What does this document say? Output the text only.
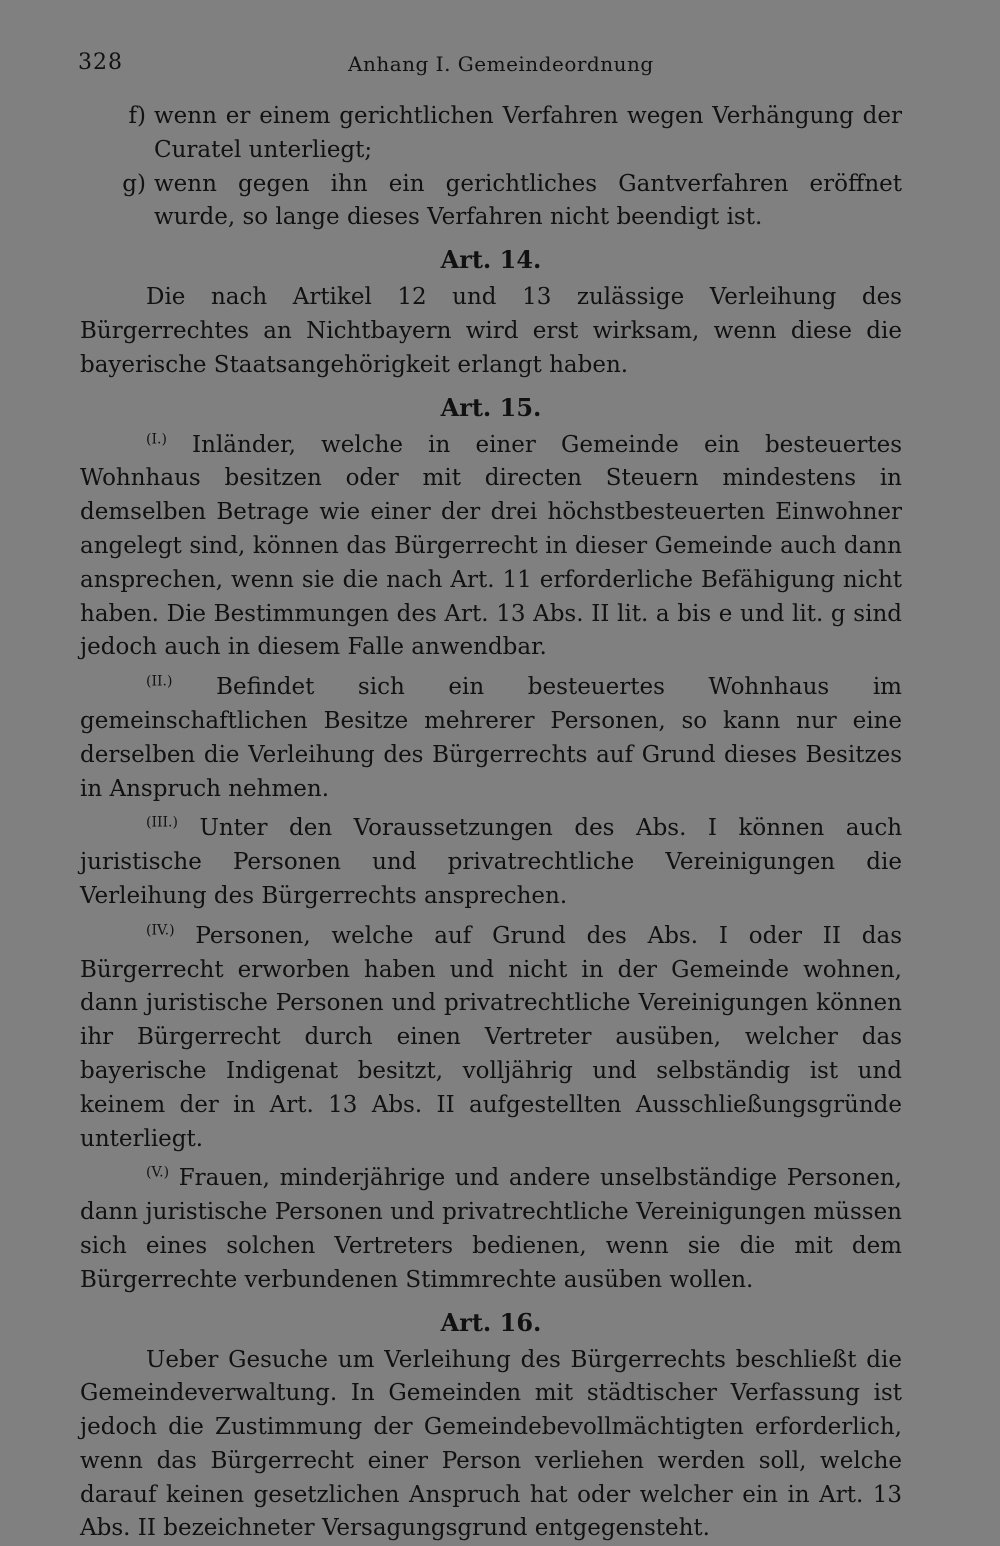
328	Anhang I. Gemeindeordnung
f) wenn er einem gerichtlichen Verfahren wegen Verhängung der Curatel unterliegt;
g) wenn gegen ihn ein gerichtliches Gantverfahren eröffnet wurde, so lange dieses Verfahren nicht beendigt ist.
Art. 14.

Die nach Artikel 12 und 13 zulässige Verleihung des Bürgerrechtes an Nichtbayern wird erst wirksam, wenn diese die bayerische Staatsangehörigkeit erlangt haben.

Art. 15.

$^{(I.)}$ Inländer, welche in einer Gemeinde ein besteuertes Wohnhaus besitzen oder mit directen Steuern mindestens in demselben Betrage wie einer der drei höchstbesteuerten Einwohner angelegt sind, können das Bürgerrecht in dieser Gemeinde auch dann ansprechen, wenn sie die nach Art. 11 erforderliche Befähigung nicht haben. Die Bestimmungen des Art. 13 Abs. II lit. a bis e und lit. g sind jedoch auch in diesem Falle anwendbar.

$^{(II.)}$ Befindet sich ein besteuertes Wohnhaus im gemeinschaftlichen Besitze mehrerer Personen, so kann nur eine derselben die Verleihung des Bürgerrechts auf Grund dieses Besitzes in Anspruch nehmen.

$^{(III.)}$ Unter den Voraussetzungen des Abs. I können auch juristische Personen und privatrechtliche Vereinigungen die Verleihung des Bürgerrechts ansprechen.

$^{(IV.)}$ Personen, welche auf Grund des Abs. I oder II das Bürgerrecht erworben haben und nicht in der Gemeinde wohnen, dann juristische Personen und privatrechtliche Vereinigungen können ihr Bürgerrecht durch einen Vertreter ausüben, welcher das bayerische Indigenat besitzt, volljährig und selbständig ist und keinem der in Art. 13 Abs. II aufgestellten Ausschließungsgründe unterliegt.

$^{(V.)}$ Frauen, minderjährige und andere unselbständige Personen, dann juristische Personen und privatrechtliche Vereinigungen müssen sich eines solchen Vertreters bedienen, wenn sie die mit dem Bürgerrechte verbundenen Stimmrechte ausüben wollen.

Art. 16.

Ueber Gesuche um Verleihung des Bürgerrechts beschließt die Gemeindeverwaltung. In Gemeinden mit städtischer Verfassung ist jedoch die Zustimmung der Gemeindebevollmächtigten erforderlich, wenn das Bürgerrecht einer Person verliehen werden soll, welche darauf keinen gesetzlichen Anspruch hat oder welcher ein in Art. 13 Abs. II bezeichneter Versagungsgrund entgegensteht.
